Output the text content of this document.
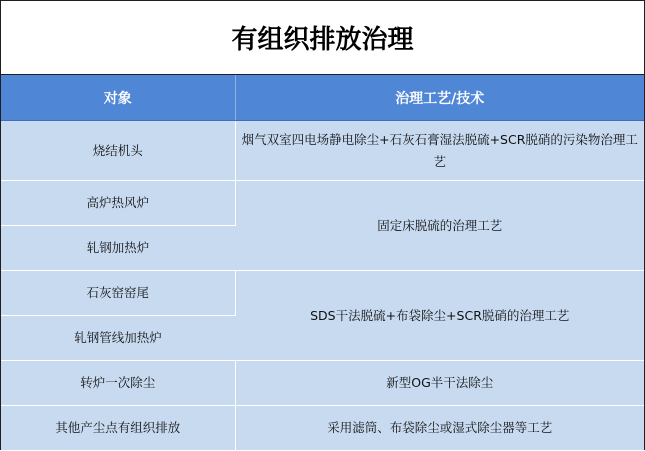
有组织排放治理
对象	治理工艺/技术
烧结机头	烟气双室四电场静电除尘+石灰石膏湿法脱硫+SCR脱硝的污染物治理工艺
高炉热风炉	固定床脱硫的治理工艺
轧钢加热炉	
石灰窑窑尾	SDS干法脱硫+布袋除尘+SCR脱硝的治理工艺
轧钢管线加热炉	
转炉一次除尘	新型OG半干法除尘
其他产尘点有组织排放	采用滤筒、布袋除尘或湿式除尘器等工艺
